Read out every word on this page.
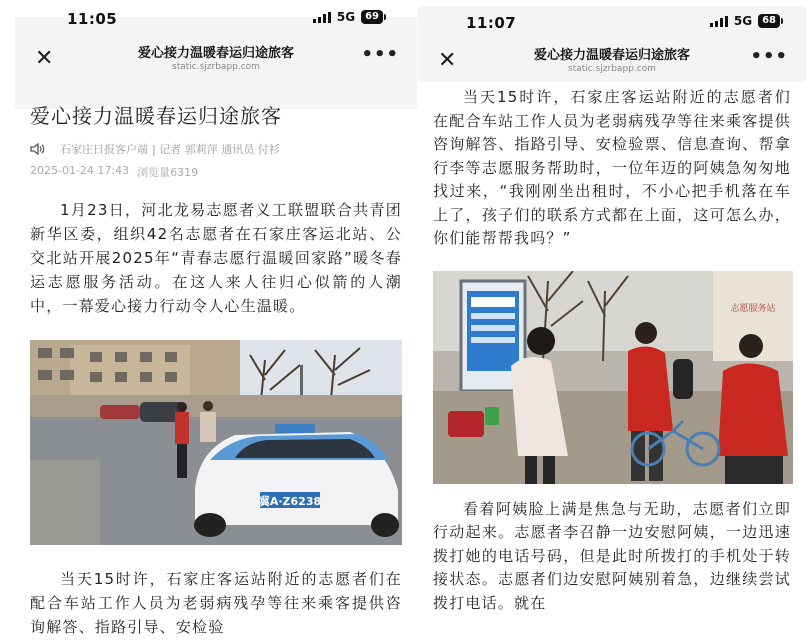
11:05	5G	69
✕	爱心接力温暖春运归途旅客
static.sjzrbapp.com
•••
爱心接力温暖春运归途旅客
石家庄日报客户端 | 记者 郭莉萍 通讯员 付衫
2025-01-24 17:43 浏览量6319

1月23日，河北龙易志愿者义工联盟联合共青团新华区委，组织42名志愿者在石家庄客运北站、公交北站开展2025年“青春志愿行温暖回家路”暖冬春运志愿服务活动。在这人来人往归心似箭的人潮中，一幕爱心接力行动令人心生温暖。

冀A·Z6238

当天15时许，石家庄客运站附近的志愿者们在配合车站工作人员为老弱病残孕等往来乘客提供咨询解答、指路引导、安检验

11:07	5G	68
✕	爱心接力温暖春运归途旅客
static.sjzrbapp.com
•••

当天15时许，石家庄客运站附近的志愿者们在配合车站工作人员为老弱病残孕等往来乘客提供咨询解答、指路引导、安检验票、信息查询、帮拿行李等志愿服务帮助时，一位年迈的阿姨急匆匆地找过来，“我刚刚坐出租时，不小心把手机落在车上了，孩子们的联系方式都在上面，这可怎么办，你们能帮帮我吗？”

志愿服务站

看着阿姨脸上满是焦急与无助，志愿者们立即行动起来。志愿者李召静一边安慰阿姨，一边迅速拨打她的电话号码，但是此时所拨打的手机处于转接状态。志愿者们边安慰阿姨别着急，边继续尝试拨打电话。就在
